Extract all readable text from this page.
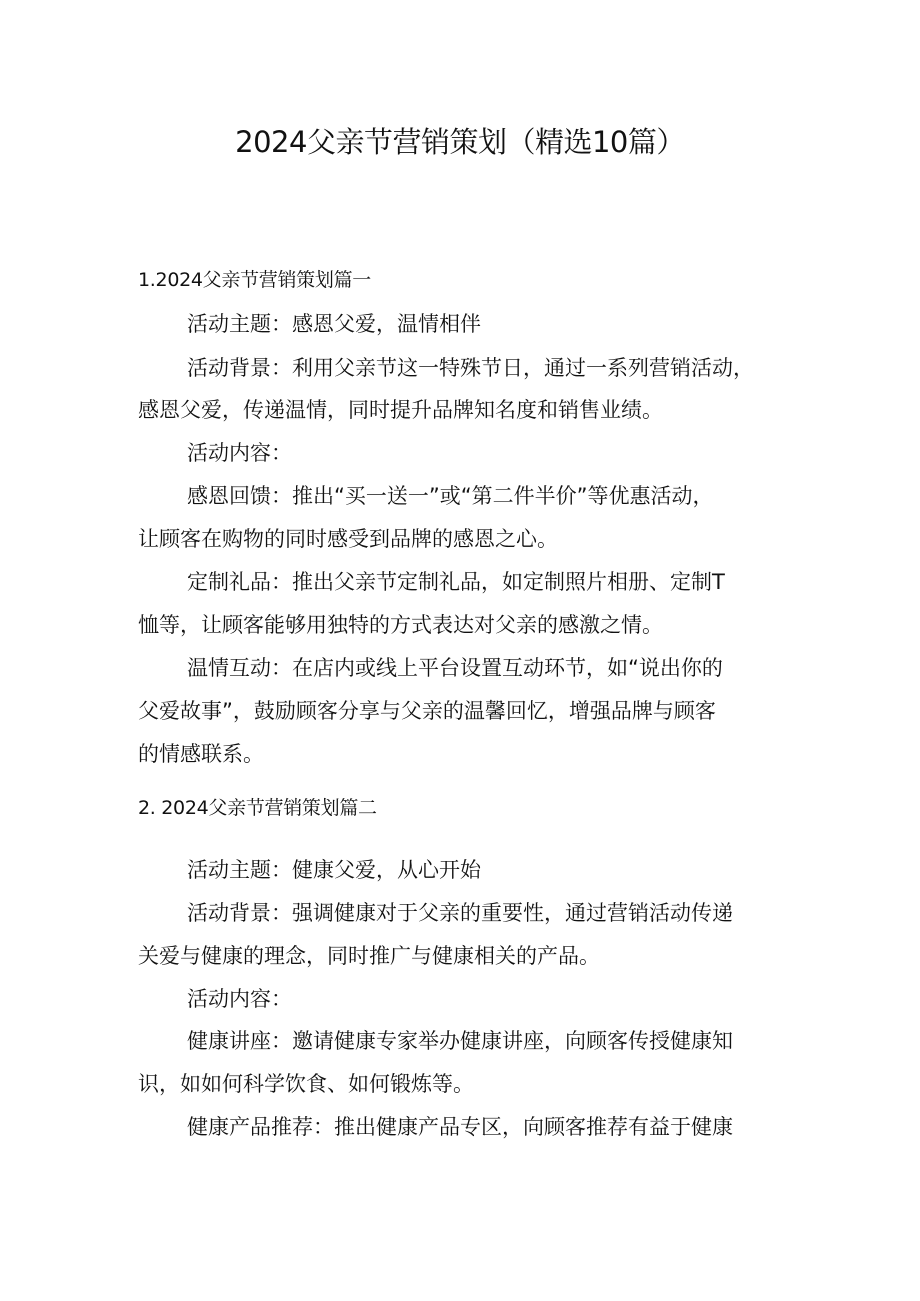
2024父亲节营销策划（精选10篇）
1.2024父亲节营销策划篇一
活动主题：感恩父爱，温情相伴
活动背景：利用父亲节这一特殊节日，通过一系列营销活动，
感恩父爱，传递温情，同时提升品牌知名度和销售业绩。
活动内容：
感恩回馈：推出“买一送一”或“第二件半价”等优惠活动，
让顾客在购物的同时感受到品牌的感恩之心。
定制礼品：推出父亲节定制礼品，如定制照片相册、定制T
恤等，让顾客能够用独特的方式表达对父亲的感激之情。
温情互动：在店内或线上平台设置互动环节，如“说出你的
父爱故事”，鼓励顾客分享与父亲的温馨回忆，增强品牌与顾客
的情感联系。
2. 2024父亲节营销策划篇二
活动主题：健康父爱，从心开始
活动背景：强调健康对于父亲的重要性，通过营销活动传递
关爱与健康的理念，同时推广与健康相关的产品。
活动内容：
健康讲座：邀请健康专家举办健康讲座，向顾客传授健康知
识，如如何科学饮食、如何锻炼等。
健康产品推荐：推出健康产品专区，向顾客推荐有益于健康
